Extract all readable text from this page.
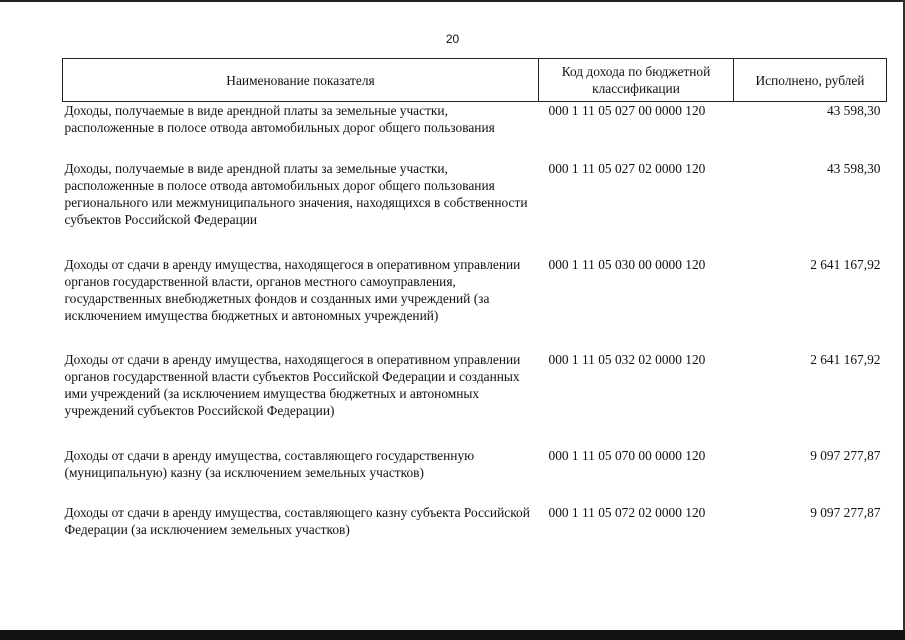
20
Наименование показателя	Код дохода по бюджетной классификации	Исполнено, рублей
Доходы, получаемые в виде арендной платы за земельные участки, расположенные в полосе отвода автомобильных дорог общего пользования	000 1 11 05 027 00 0000 120	43 598,30
Доходы, получаемые в виде арендной платы за земельные участки, расположенные в полосе отвода автомобильных дорог общего пользования регионального или межмуниципального значения, находящихся в собственности субъектов Российской Федерации	000 1 11 05 027 02 0000 120	43 598,30
Доходы от сдачи в аренду имущества, находящегося в оперативном управлении органов государственной власти, органов местного самоуправления, государственных внебюджетных фондов и созданных ими учреждений (за исключением имущества бюджетных и автономных учреждений)	000 1 11 05 030 00 0000 120	2 641 167,92
Доходы от сдачи в аренду имущества, находящегося в оперативном управлении органов государственной власти субъектов Российской Федерации и созданных ими учреждений (за исключением имущества бюджетных и автономных учреждений субъектов Российской Федерации)	000 1 11 05 032 02 0000 120	2 641 167,92
Доходы от сдачи в аренду имущества, составляющего государственную (муниципальную) казну (за исключением земельных участков)	000 1 11 05 070 00 0000 120	9 097 277,87
Доходы от сдачи в аренду имущества, составляющего казну субъекта Российской Федерации (за исключением земельных участков)	000 1 11 05 072 02 0000 120	9 097 277,87
